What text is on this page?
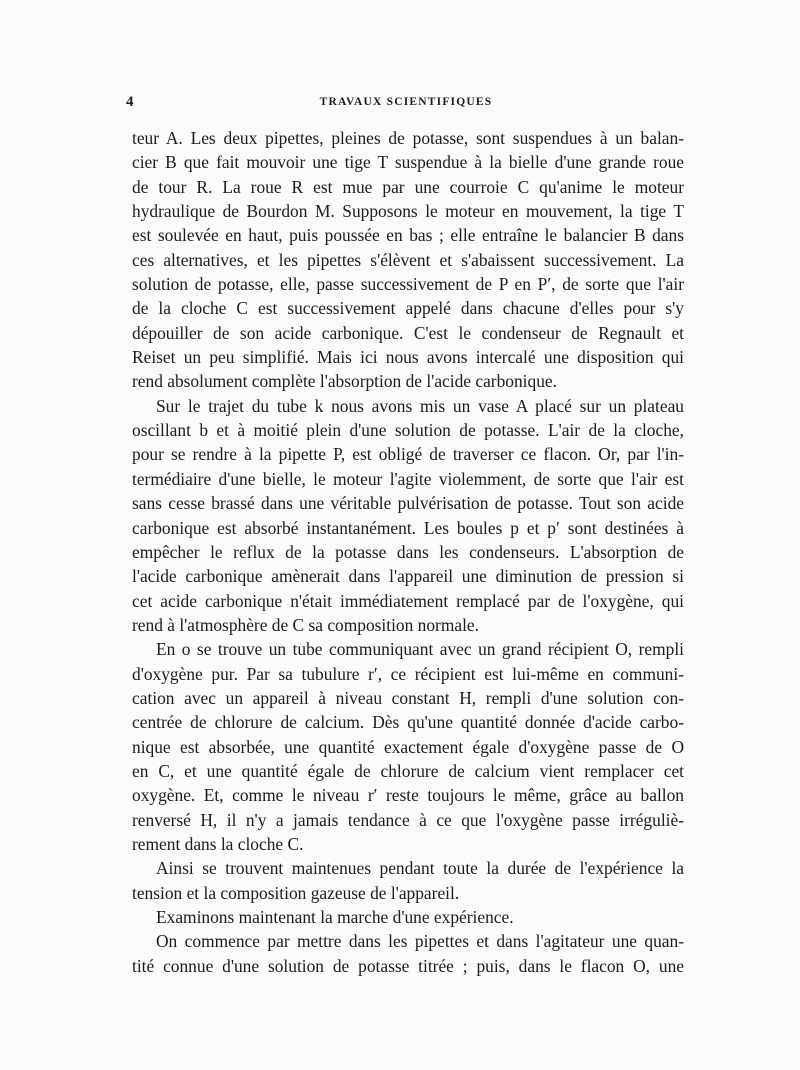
4	TRAVAUX SCIENTIFIQUES
teur A. Les deux pipettes, pleines de potasse, sont suspendues à un balan-
cier B que fait mouvoir une tige T suspendue à la bielle d'une grande roue
de tour R. La roue R est mue par une courroie C qu'anime le moteur
hydraulique de Bourdon M. Supposons le moteur en mouvement, la tige T
est soulevée en haut, puis poussée en bas ; elle entraîne le balancier B dans
ces alternatives, et les pipettes s'élèvent et s'abaissent successivement. La
solution de potasse, elle, passe successivement de P en P′, de sorte que l'air
de la cloche C est successivement appelé dans chacune d'elles pour s'y
dépouiller de son acide carbonique. C'est le condenseur de Regnault et
Reiset un peu simplifié. Mais ici nous avons intercalé une disposition qui
rend absolument complète l'absorption de l'acide carbonique.
Sur le trajet du tube k nous avons mis un vase A placé sur un plateau
oscillant b et à moitié plein d'une solution de potasse. L'air de la cloche,
pour se rendre à la pipette P, est obligé de traverser ce flacon. Or, par l'in-
termédiaire d'une bielle, le moteur l'agite violemment, de sorte que l'air est
sans cesse brassé dans une véritable pulvérisation de potasse. Tout son acide
carbonique est absorbé instantanément. Les boules p et p′ sont destinées à
empêcher le reflux de la potasse dans les condenseurs. L'absorption de
l'acide carbonique amènerait dans l'appareil une diminution de pression si
cet acide carbonique n'était immédiatement remplacé par de l'oxygène, qui
rend à l'atmosphère de C sa composition normale.
En o se trouve un tube communiquant avec un grand récipient O, rempli
d'oxygène pur. Par sa tubulure r′, ce récipient est lui-même en communi-
cation avec un appareil à niveau constant H, rempli d'une solution con-
centrée de chlorure de calcium. Dès qu'une quantité donnée d'acide carbo-
nique est absorbée, une quantité exactement égale d'oxygène passe de O
en C, et une quantité égale de chlorure de calcium vient remplacer cet
oxygène. Et, comme le niveau r′ reste toujours le même, grâce au ballon
renversé H, il n'y a jamais tendance à ce que l'oxygène passe irréguliè-
rement dans la cloche C.
Ainsi se trouvent maintenues pendant toute la durée de l'expérience la
tension et la composition gazeuse de l'appareil.
Examinons maintenant la marche d'une expérience.
On commence par mettre dans les pipettes et dans l'agitateur une quan-
tité connue d'une solution de potasse titrée ; puis, dans le flacon O, une
